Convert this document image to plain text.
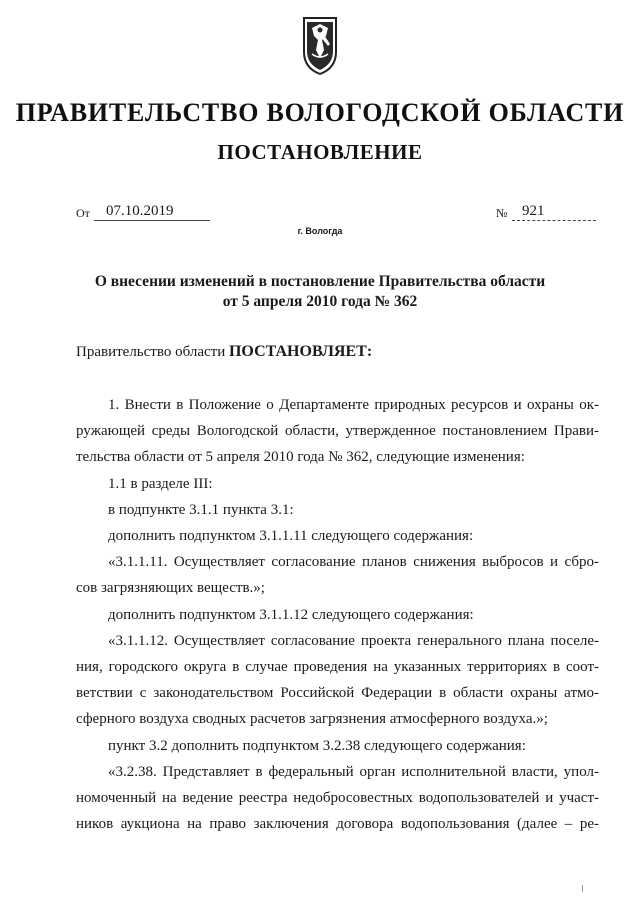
ПРАВИТЕЛЬСТВО ВОЛОГОДСКОЙ ОБЛАСТИ
ПОСТАНОВЛЕНИЕ
От	07.10.2019	№ 921
г. Вологда
О внесении изменений в постановление Правительства области
от 5 апреля 2010 года № 362
Правительство области ПОСТАНОВЛЯЕТ:
1. Внести в Положение о Департаменте природных ресурсов и охраны ок-
ружающей среды Вологодской области, утвержденное постановлением Прави-
тельства области от 5 апреля 2010 года № 362, следующие изменения:
1.1 в разделе III:
в подпункте 3.1.1 пункта 3.1:
дополнить подпунктом 3.1.1.11 следующего содержания:
«3.1.1.11. Осуществляет согласование планов снижения выбросов и сбро-
сов загрязняющих веществ.»;
дополнить подпунктом 3.1.1.12 следующего содержания:
«3.1.1.12. Осуществляет согласование проекта генерального плана поселе-
ния, городского округа в случае проведения на указанных территориях в соот-
ветствии с законодательством Российской Федерации в области охраны атмо-
сферного воздуха сводных расчетов загрязнения атмосферного воздуха.»;
пункт 3.2 дополнить подпунктом 3.2.38 следующего содержания:
«3.2.38. Представляет в федеральный орган исполнительной власти, упол-
номоченный на ведение реестра недобросовестных водопользователей и участ-
ников аукциона на право заключения договора водопользования (далее – ре-
